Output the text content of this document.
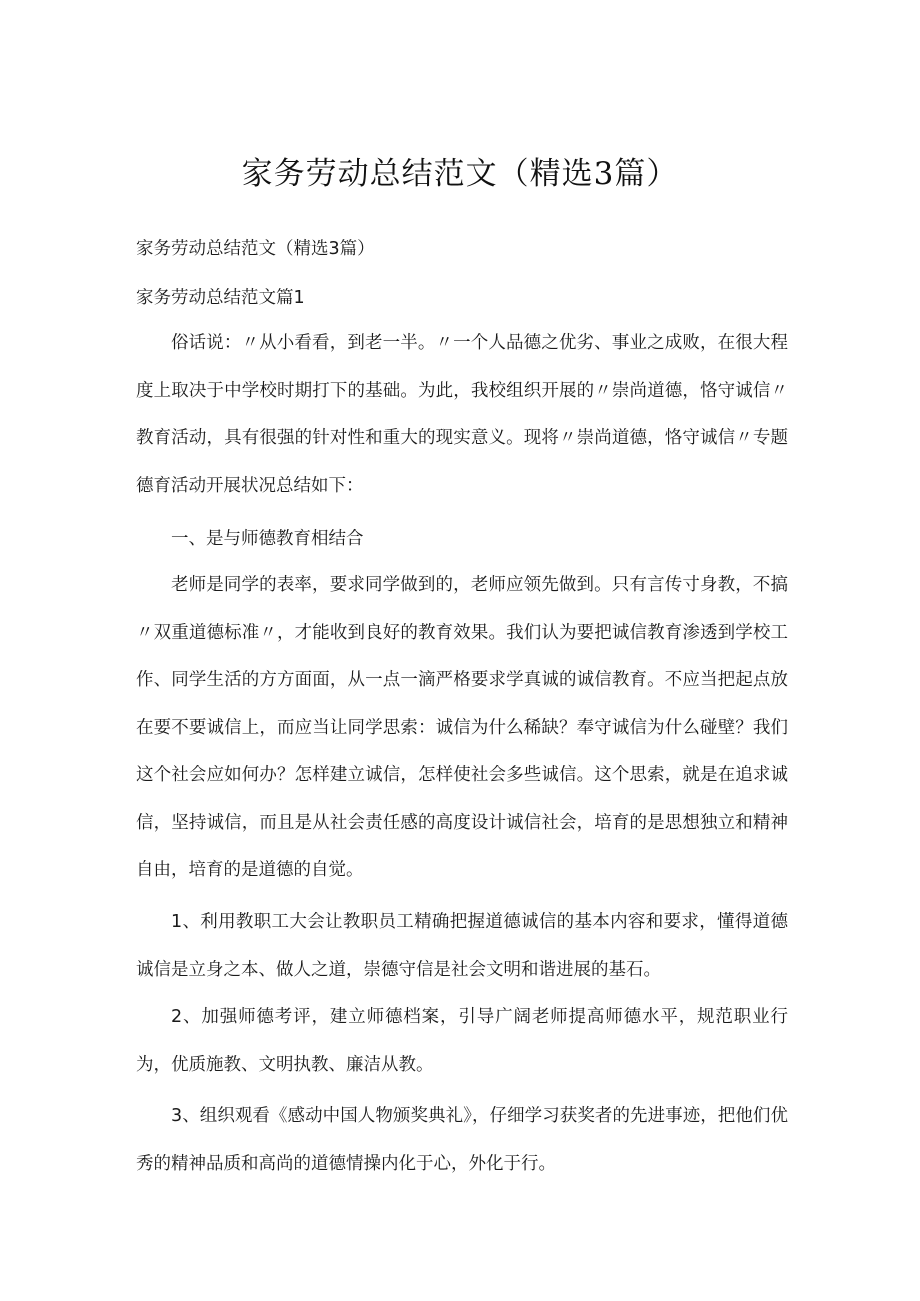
家务劳动总结范文（精选3篇）
家务劳动总结范文（精选3篇）
家务劳动总结范文篇1
俗话说：〃从小看看，到老一半。〃一个人品德之优劣、事业之成败，在很大程度上取决于中学校时期打下的基础。为此，我校组织开展的〃崇尚道德，恪守诚信〃教育活动，具有很强的针对性和重大的现实意义。现将〃崇尚道德，恪守诚信〃专题德育活动开展状况总结如下：
一、是与师德教育相结合
老师是同学的表率，要求同学做到的，老师应领先做到。只有言传寸身教，不搞〃双重道德标准〃，才能收到良好的教育效果。我们认为要把诚信教育渗透到学校工作、同学生活的方方面面，从一点一滴严格要求学真诚的诚信教育。不应当把起点放在要不要诚信上，而应当让同学思索：诚信为什么稀缺？奉守诚信为什么碰壁？我们这个社会应如何办？怎样建立诚信，怎样使社会多些诚信。这个思索，就是在追求诚信，坚持诚信，而且是从社会责任感的高度设计诚信社会，培育的是思想独立和精神自由，培育的是道德的自觉。
1、利用教职工大会让教职员工精确把握道德诚信的基本内容和要求，懂得道德诚信是立身之本、做人之道，崇德守信是社会文明和谐进展的基石。
2、加强师德考评，建立师德档案，引导广阔老师提高师德水平，规范职业行为，优质施教、文明执教、廉洁从教。
3、组织观看《感动中国人物颁奖典礼》，仔细学习获奖者的先进事迹，把他们优秀的精神品质和高尚的道德情操内化于心，外化于行。
